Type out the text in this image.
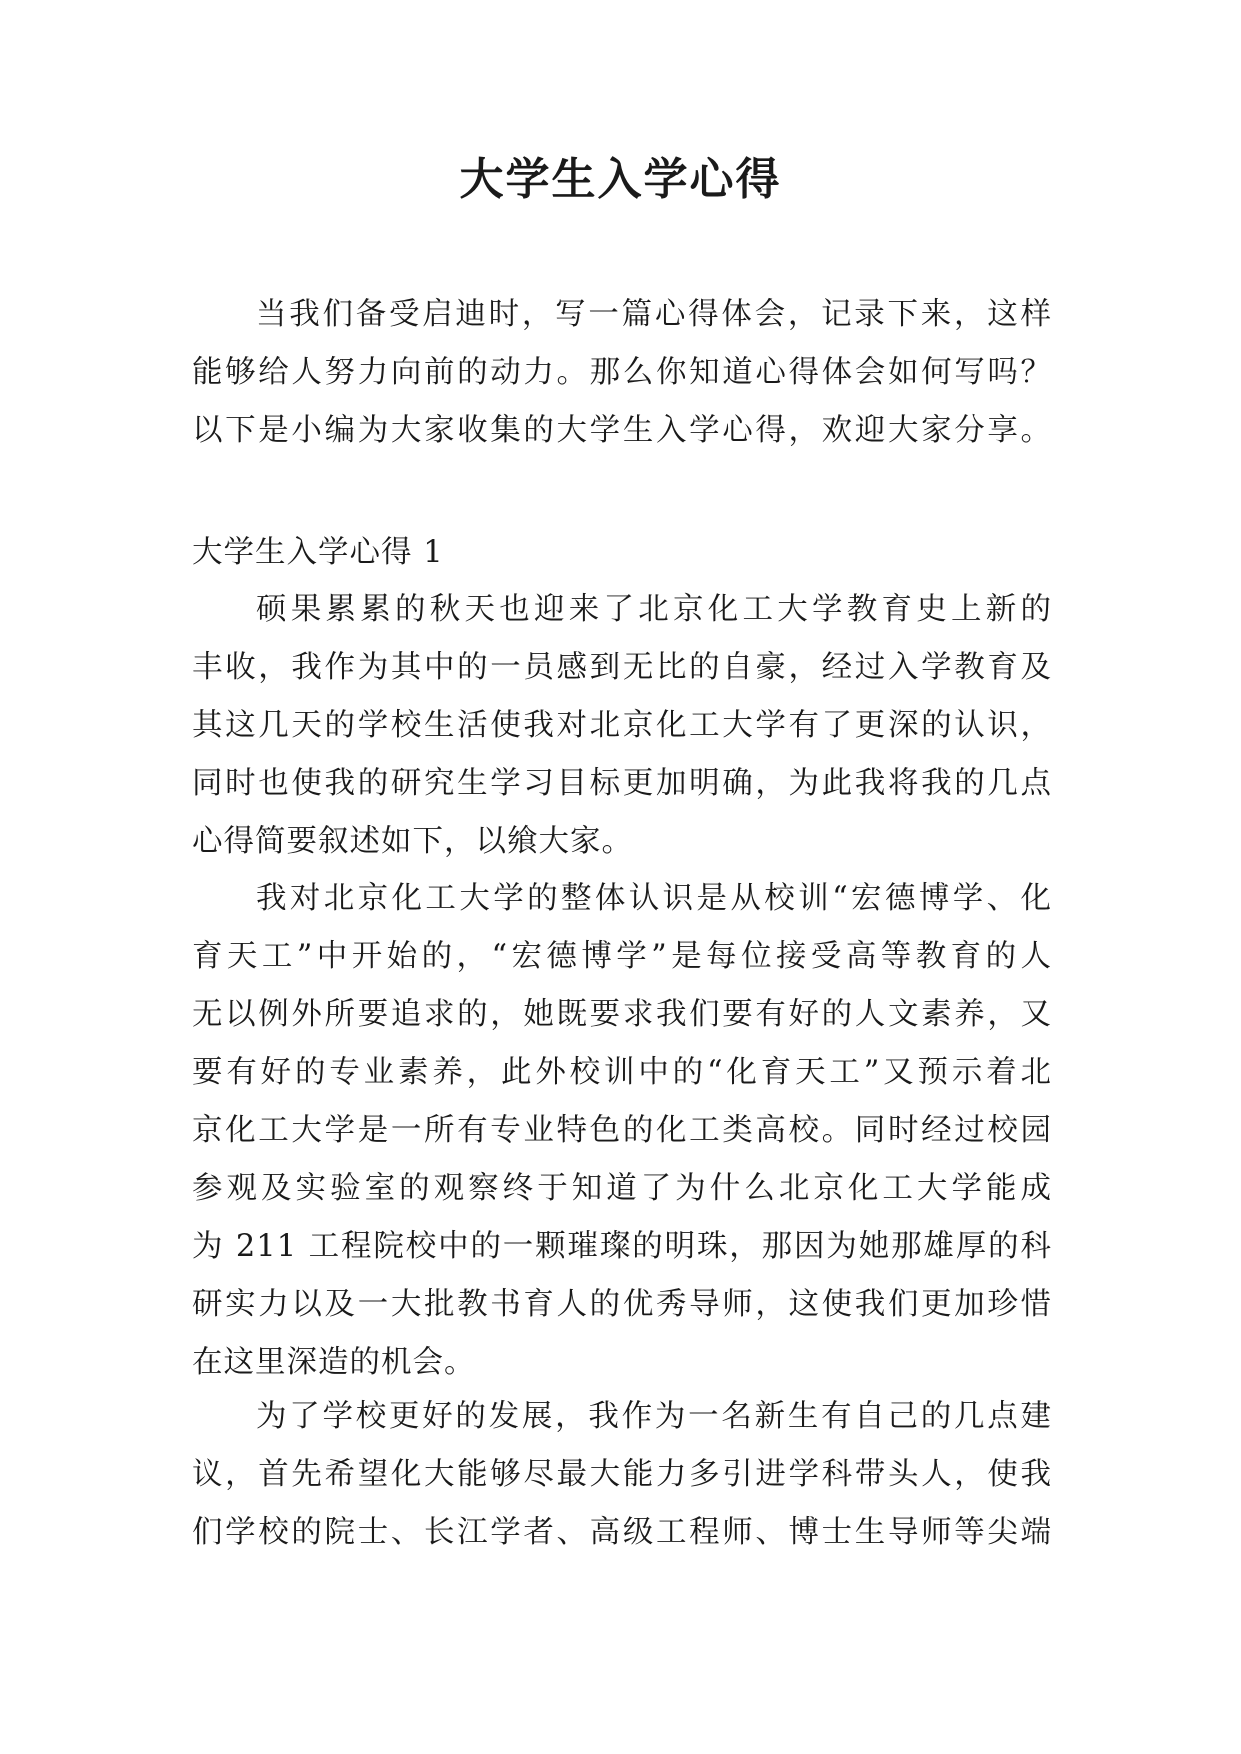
大学生入学心得
当我们备受启迪时，写一篇心得体会，记录下来，这样
能够给人努力向前的动力。那么你知道心得体会如何写吗？
以下是小编为大家收集的大学生入学心得，欢迎大家分享。
大学生入学心得 1
硕果累累的秋天也迎来了北京化工大学教育史上新的
丰收，我作为其中的一员感到无比的自豪，经过入学教育及
其这几天的学校生活使我对北京化工大学有了更深的认识，
同时也使我的研究生学习目标更加明确，为此我将我的几点
心得简要叙述如下，以飨大家。
我对北京化工大学的整体认识是从校训“宏德博学、化
育天工”中开始的，“宏德博学”是每位接受高等教育的人
无以例外所要追求的，她既要求我们要有好的人文素养，又
要有好的专业素养，此外校训中的“化育天工”又预示着北
京化工大学是一所有专业特色的化工类高校。同时经过校园
参观及实验室的观察终于知道了为什么北京化工大学能成
为 211 工程院校中的一颗璀璨的明珠，那因为她那雄厚的科
研实力以及一大批教书育人的优秀导师，这使我们更加珍惜
在这里深造的机会。
为了学校更好的发展，我作为一名新生有自己的几点建
议，首先希望化大能够尽最大能力多引进学科带头人，使我
们学校的院士、长江学者、高级工程师、博士生导师等尖端
